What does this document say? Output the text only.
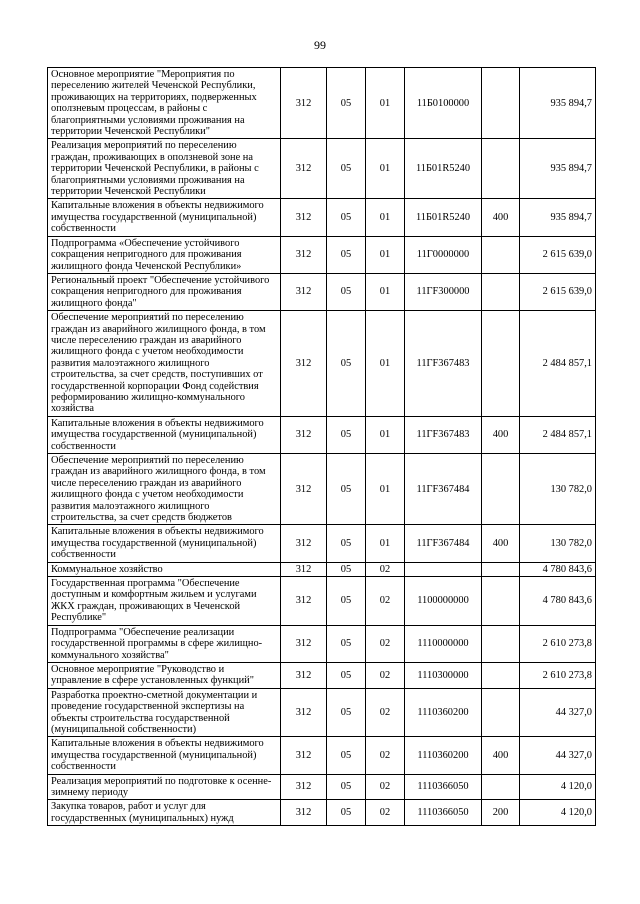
99
Основное мероприятие "Мероприятия по переселению жителей Чеченской Республики, проживающих на территориях, подверженных оползневым процессам, в районы с благоприятными условиями проживания на территории Чеченской Республики"	312	05	01	11Б0100000		935 894,7
Реализация мероприятий по переселению граждан, проживающих в оползневой зоне на территории Чеченской Республики, в районы с благоприятными условиями проживания на территории Чеченской Республики	312	05	01	11Б01R5240		935 894,7
Капитальные вложения в объекты недвижимого имущества государственной (муниципальной) собственности	312	05	01	11Б01R5240	400	935 894,7
Подпрограмма «Обеспечение устойчивого сокращения непригодного для проживания жилищного фонда Чеченской Республики»	312	05	01	11Г0000000		2 615 639,0
Региональный проект "Обеспечение устойчивого сокращения непригодного для проживания жилищного фонда"	312	05	01	11ГF300000		2 615 639,0
Обеспечение мероприятий по переселению граждан из аварийного жилищного фонда, в том числе переселению граждан из аварийного жилищного фонда с учетом необходимости развития малоэтажного жилищного строительства, за счет средств, поступивших от государственной корпорации Фонд содействия реформированию жилищно-коммунального хозяйства	312	05	01	11ГF367483		2 484 857,1
Капитальные вложения в объекты недвижимого имущества государственной (муниципальной) собственности	312	05	01	11ГF367483	400	2 484 857,1
Обеспечение мероприятий по переселению граждан из аварийного жилищного фонда, в том числе переселению граждан из аварийного жилищного фонда с учетом необходимости развития малоэтажного жилищного строительства, за счет средств бюджетов	312	05	01	11ГF367484		130 782,0
Капитальные вложения в объекты недвижимого имущества государственной (муниципальной) собственности	312	05	01	11ГF367484	400	130 782,0
Коммунальное хозяйство	312	05	02			4 780 843,6
Государственная программа "Обеспечение доступным и комфортным жильем и услугами ЖКХ граждан, проживающих в Чеченской Республике"	312	05	02	1100000000		4 780 843,6
Подпрограмма "Обеспечение реализации государственной программы в сфере жилищно-коммунального хозяйства"	312	05	02	1110000000		2 610 273,8
Основное мероприятие "Руководство и управление в сфере установленных функций"	312	05	02	1110300000		2 610 273,8
Разработка проектно-сметной документации и проведение государственной экспертизы на объекты строительства государственной (муниципальной собственности)	312	05	02	1110360200		44 327,0
Капитальные вложения в объекты недвижимого имущества государственной (муниципальной) собственности	312	05	02	1110360200	400	44 327,0
Реализация мероприятий по подготовке к осенне-зимнему периоду	312	05	02	1110366050		4 120,0
Закупка товаров, работ и услуг для государственных (муниципальных) нужд	312	05	02	1110366050	200	4 120,0
